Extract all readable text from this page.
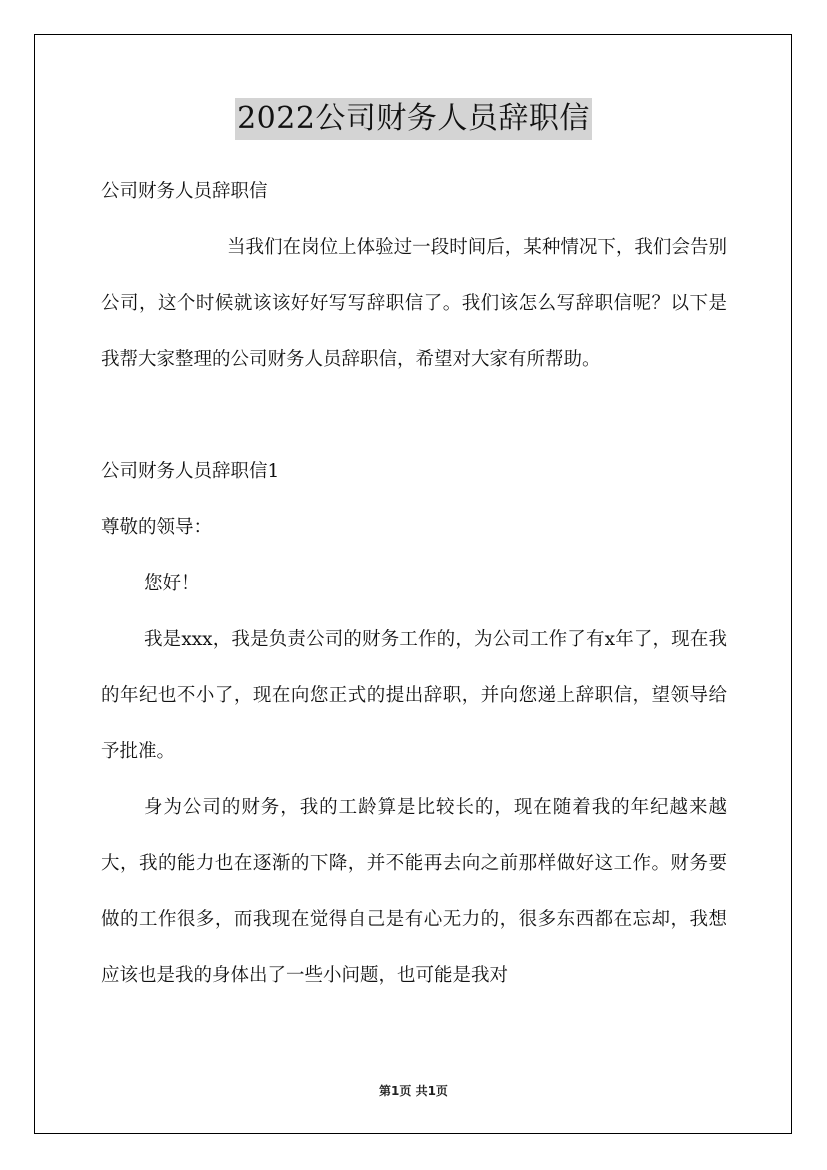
2022公司财务人员辞职信

公司财务人员辞职信

当我们在岗位上体验过一段时间后，某种情况下，我们会告别公司，这个时候就该该好好写写辞职信了。我们该怎么写辞职信呢？以下是我帮大家整理的公司财务人员辞职信，希望对大家有所帮助。

公司财务人员辞职信1

尊敬的领导：

您好！

我是xxx，我是负责公司的财务工作的，为公司工作了有x年了，现在我的年纪也不小了，现在向您正式的提出辞职，并向您递上辞职信，望领导给予批准。

身为公司的财务，我的工龄算是比较长的，现在随着我的年纪越来越大，我的能力也在逐渐的下降，并不能再去向之前那样做好这工作。财务要做的工作很多，而我现在觉得自己是有心无力的，很多东西都在忘却，我想应该也是我的身体出了一些小问题，也可能是我对

第1页 共1页
